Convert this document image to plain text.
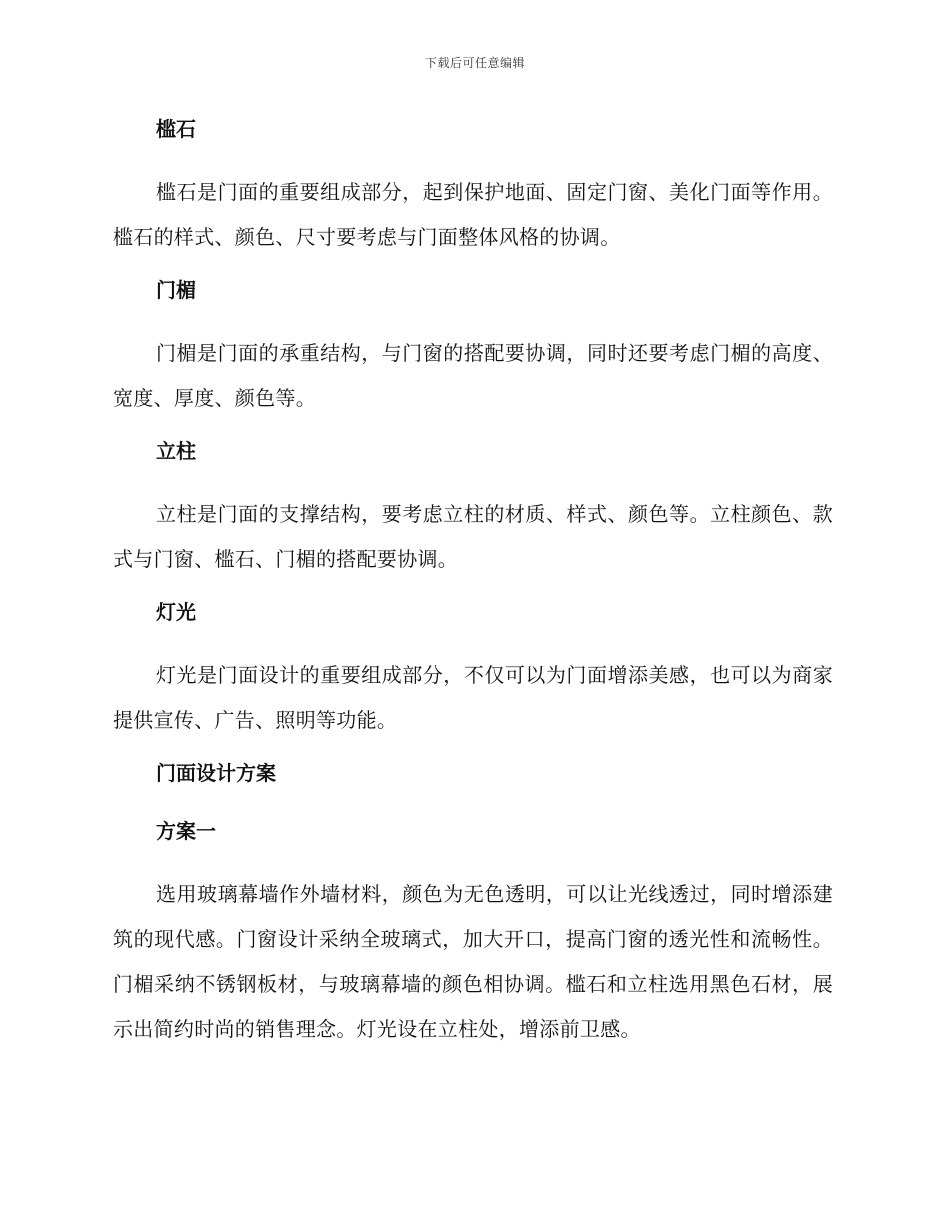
下载后可任意编辑
槛石

槛石是门面的重要组成部分，起到保护地面、固定门窗、美化门面等作用。槛石的样式、颜色、尺寸要考虑与门面整体风格的协调。

门楣

门楣是门面的承重结构，与门窗的搭配要协调，同时还要考虑门楣的高度、宽度、厚度、颜色等。

立柱

立柱是门面的支撑结构，要考虑立柱的材质、样式、颜色等。立柱颜色、款式与门窗、槛石、门楣的搭配要协调。

灯光

灯光是门面设计的重要组成部分，不仅可以为门面增添美感，也可以为商家提供宣传、广告、照明等功能。

门面设计方案
方案一

选用玻璃幕墙作外墙材料，颜色为无色透明，可以让光线透过，同时增添建筑的现代感。门窗设计采纳全玻璃式，加大开口，提高门窗的透光性和流畅性。门楣采纳不锈钢板材，与玻璃幕墙的颜色相协调。槛石和立柱选用黑色石材，展示出简约时尚的销售理念。灯光设在立柱处，增添前卫感。
